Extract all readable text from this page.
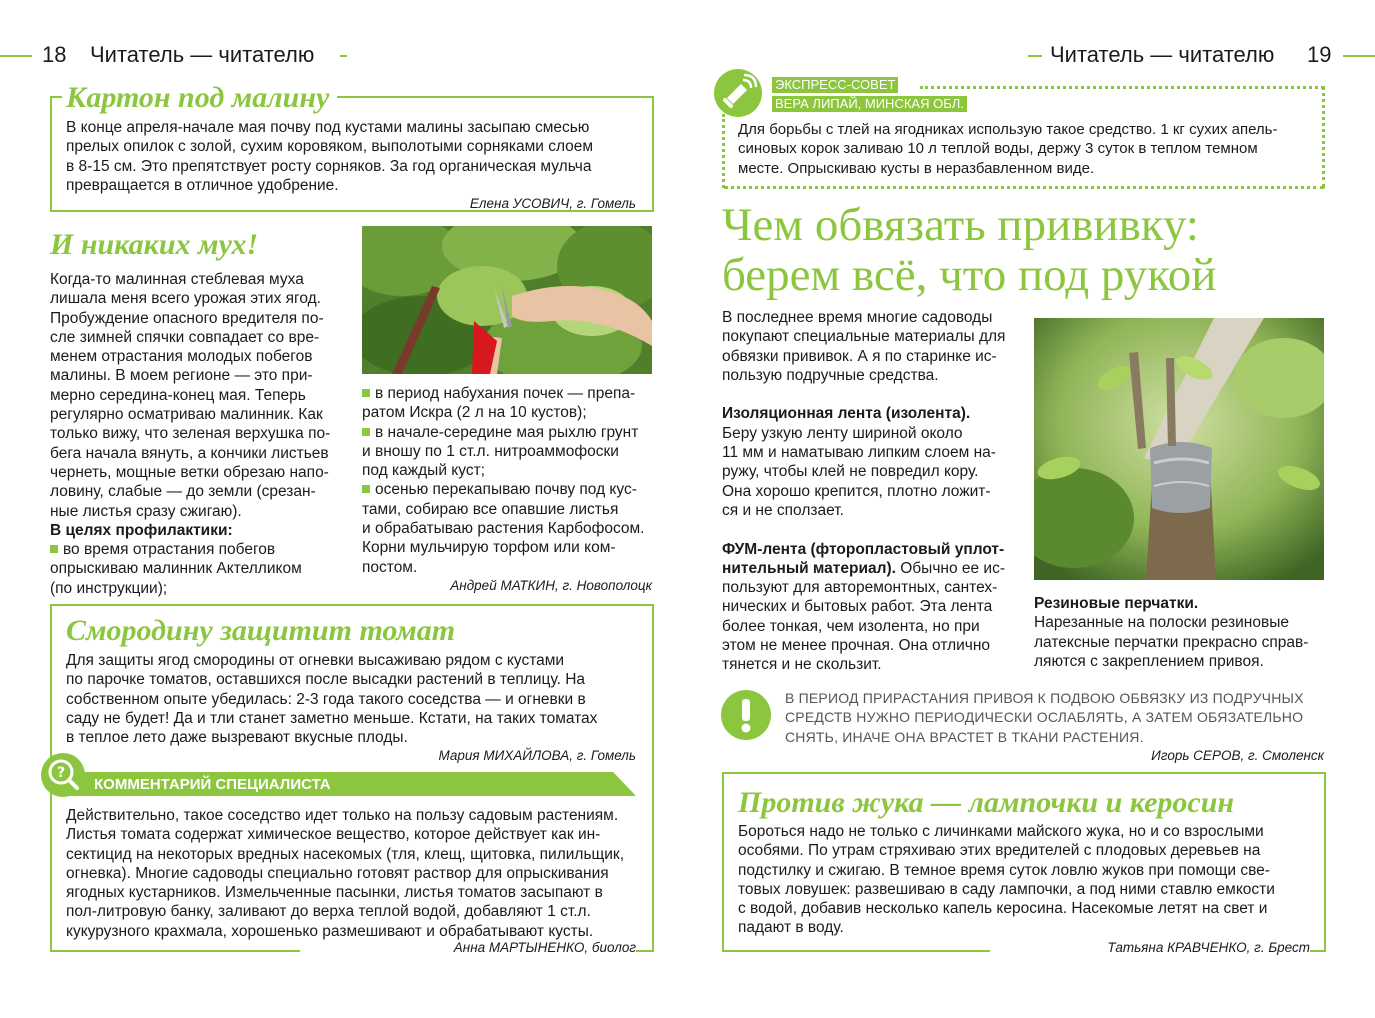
18 Читатель — читателю	Читатель — читателю 19
Картон под малину
В конце апреля-начале мая почву под кустами малины засыпаю смесью
прелых опилок с золой, сухим коровяком, выполотыми сорняками слоем
в 8-15 см. Это препятствует росту сорняков. За год органическая мульча
превращается в отличное удобрение.
Елена УСОВИЧ, г. Гомель
И никаких мух!
Когда-то малинная стеблевая муха
лишала меня всего урожая этих ягод.
Пробуждение опасного вредителя по-
сле зимней спячки совпадает со вре-
менем отрастания молодых побегов
малины. В моем регионе — это при-
мерно середина-конец мая. Теперь
регулярно осматриваю малинник. Как
только вижу, что зеленая верхушка по-
бега начала вянуть, а кончики листьев
чернеть, мощные ветки обрезаю напо-
ловину, слабые — до земли (срезан-
ные листья сразу сжигаю).
В целях профилактики:
во время отрастания побегов
опрыскиваю малинник Актелликом
(по инструкции);
в период набухания почек — препа-
ратом Искра (2 л на 10 кустов);
в начале-середине мая рыхлю грунт
и вношу по 1 ст.л. нитроаммофоски
под каждый куст;
осенью перекапываю почву под кус-
тами, собираю все опавшие листья
и обрабатываю растения Карбофосом.
Корни мульчирую торфом или ком-
постом.
Андрей МАТКИН, г. Новополоцк
Смородину защитит томат
Для защиты ягод смородины от огневки высаживаю рядом с кустами
по парочке томатов, оставшихся после высадки растений в теплицу. На
собственном опыте убедилась: 2-3 года такого соседства — и огневки в
саду не будет! Да и тли станет заметно меньше. Кстати, на таких томатах
в теплое лето даже вызревают вкусные плоды.
Мария МИХАЙЛОВА, г. Гомель
КОММЕНТАРИЙ СПЕЦИАЛИСТА
?
Действительно, такое соседство идет только на пользу садовым растениям.
Листья томата содержат химическое вещество, которое действует как ин-
сектицид на некоторых вредных насекомых (тля, клещ, щитовка, пилильщик,
огневка). Многие садоводы специально готовят раствор для опрыскивания
ягодных кустарников. Измельченные пасынки, листья томатов засыпают в
пол-литровую банку, заливают до верха теплой водой, добавляют 1 ст.л.
кукурузного крахмала, хорошенько размешивают и обрабатывают кусты.
Анна МАРТЫНЕНКО, биолог
ЭКСПРЕСС-СОВЕТ
ВЕРА ЛИПАЙ, МИНСКАЯ ОБЛ.
Для борьбы с тлей на ягодниках использую такое средство. 1 кг сухих апель-
синовых корок заливаю 10 л теплой воды, держу 3 суток в теплом темном
месте. Опрыскиваю кусты в неразбавленном виде.
Чем обвязать прививку:
берем всё, что под рукой
В последнее время многие садоводы
покупают специальные материалы для
обвязки прививок. А я по старинке ис-
пользую подручные средства.
Изоляционная лента (изолента).
Беру узкую ленту шириной около
11 мм и наматываю липким слоем на-
ружу, чтобы клей не повредил кору.
Она хорошо крепится, плотно ложит-
ся и не сползает.
ФУМ-лента (фторопластовый уплот-
нительный материал). Обычно ее ис-
пользуют для авторемонтных, сантех-
нических и бытовых работ. Эта лента
более тонкая, чем изолента, но при
этом не менее прочная. Она отлично
тянется и не скользит.
Резиновые перчатки.
Нарезанные на полоски резиновые
латексные перчатки прекрасно справ-
ляются с закреплением привоя.
В ПЕРИОД ПРИРАСТАНИЯ ПРИВОЯ К ПОДВОЮ ОБВЯЗКУ ИЗ ПОДРУЧНЫХ
СРЕДСТВ НУЖНО ПЕРИОДИЧЕСКИ ОСЛАБЛЯТЬ, А ЗАТЕМ ОБЯЗАТЕЛЬНО
СНЯТЬ, ИНАЧЕ ОНА ВРАСТЕТ В ТКАНИ РАСТЕНИЯ.
Игорь СЕРОВ, г. Смоленск
Против жука — лампочки и керосин
Бороться надо не только с личинками майского жука, но и со взрослыми
особями. По утрам стряхиваю этих вредителей с плодовых деревьев на
подстилку и сжигаю. В темное время суток ловлю жуков при помощи све-
товых ловушек: развешиваю в саду лампочки, а под ними ставлю емкости
с водой, добавив несколько капель керосина. Насекомые летят на свет и
падают в воду.
Татьяна КРАВЧЕНКО, г. Брест
